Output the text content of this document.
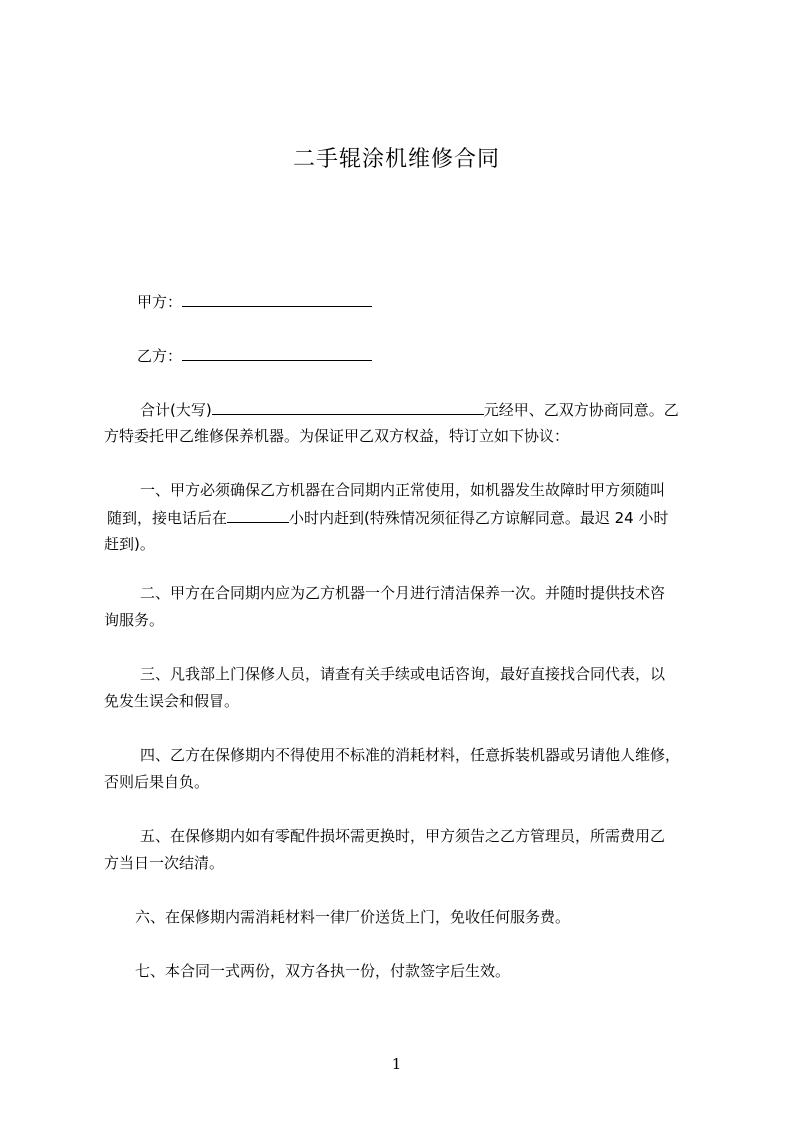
二手辊涂机维修合同
甲方：
乙方：
合计(大写)	元经甲、乙双方协商同意。乙
方特委托甲乙维修保养机器。为保证甲乙双方权益，特订立如下协议：
一、甲方必须确保乙方机器在合同期内正常使用，如机器发生故障时甲方须随叫
随到，接电话后在	小时内赶到(特殊情况须征得乙方谅解同意。最迟 24 小时
赶到)。
二、甲方在合同期内应为乙方机器一个月进行清洁保养一次。并随时提供技术咨
询服务。
三、凡我部上门保修人员，请查有关手续或电话咨询，最好直接找合同代表，以
免发生误会和假冒。
四、乙方在保修期内不得使用不标准的消耗材料，任意拆装机器或另请他人维修，
否则后果自负。
五、在保修期内如有零配件损坏需更换时，甲方须告之乙方管理员，所需费用乙
方当日一次结清。
六、在保修期内需消耗材料一律厂价送货上门，免收任何服务费。
七、本合同一式两份，双方各执一份，付款签字后生效。
1
